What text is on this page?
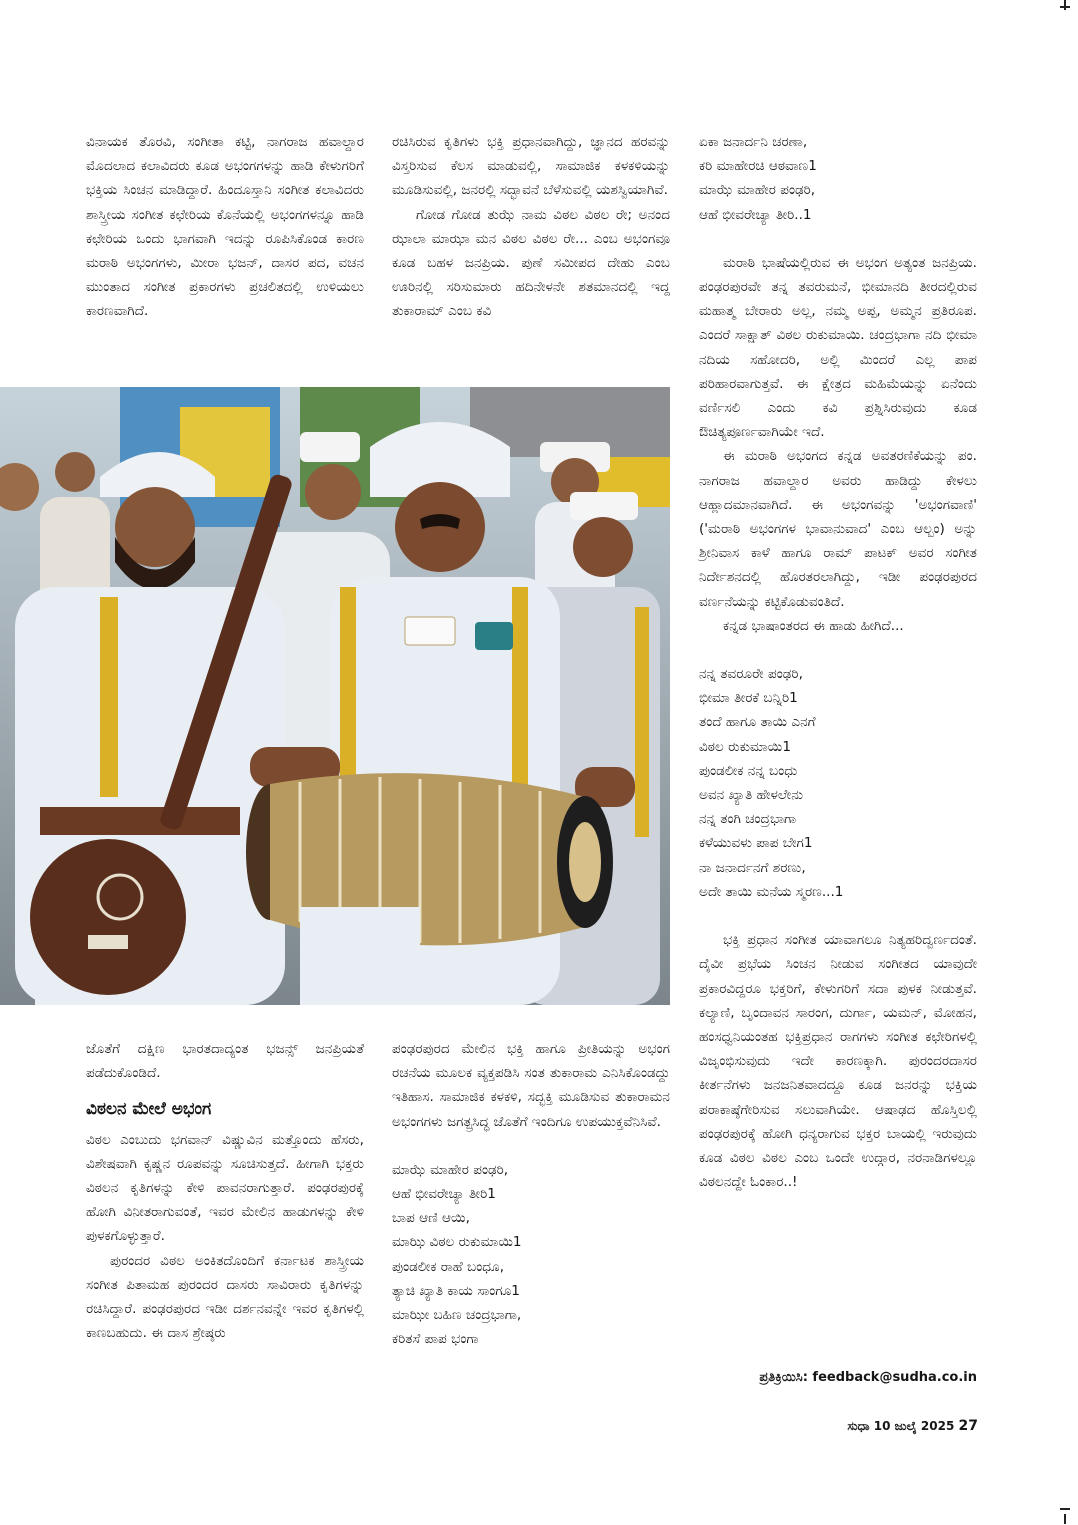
ವಿನಾಯಕ ತೊರವಿ, ಸಂಗೀತಾ ಕಟ್ಟಿ, ನಾಗರಾಜ ಹವಾಲ್ದಾರ ಮೊದಲಾದ ಕಲಾವಿದರು ಕೂಡ ಅಭಂಗಗಳನ್ನು ಹಾಡಿ ಕೇಳುಗರಿಗೆ ಭಕ್ತಿಯ ಸಿಂಚನ ಮಾಡಿದ್ದಾರೆ. ಹಿಂದೂಸ್ತಾನಿ ಸಂಗೀತ ಕಲಾವಿದರು ಶಾಸ್ತ್ರೀಯ ಸಂಗೀತ ಕಛೇರಿಯ ಕೊನೆಯಲ್ಲಿ ಅಭಂಗಗಳನ್ನೂ ಹಾಡಿ ಕಛೇರಿಯ ಒಂದು ಭಾಗವಾಗಿ ಇದನ್ನು ರೂಪಿಸಿಕೊಂಡ ಕಾರಣ ಮರಾಠಿ ಅಭಂಗಗಳು, ಮೀರಾ ಭಜನ್, ದಾಸರ ಪದ, ವಚನ ಮುಂತಾದ ಸಂಗೀತ ಪ್ರಕಾರಗಳು ಪ್ರಚಲಿತದಲ್ಲಿ ಉಳಿಯಲು ಕಾರಣವಾಗಿದೆ.

ರಚಿಸಿರುವ ಕೃತಿಗಳು ಭಕ್ತಿ ಪ್ರಧಾನವಾಗಿದ್ದು, ಜ್ಞಾನದ ಹರವನ್ನು ವಿಸ್ತರಿಸುವ ಕೆಲಸ ಮಾಡುವಲ್ಲಿ, ಸಾಮಾಜಿಕ ಕಳಕಳಿಯನ್ನು ಮೂಡಿಸುವಲ್ಲಿ, ಜನರಲ್ಲಿ ಸದ್ಭಾವನೆ ಬೆಳೆಸುವಲ್ಲಿ ಯಶಸ್ವಿಯಾಗಿವೆ.

ಗೋಡ ಗೋಡ ತುಝೆ ನಾಮ ವಿಠಲ ವಿಠಲ ರೇ; ಅನಂದ ಝಾಲಾ ಮಾಝಾ ಮನ ವಿಠಲ ವಿಠಲ ರೇ... ಎಂಬ ಅಭಂಗವೂ ಕೂಡ ಬಹಳ ಜನಪ್ರಿಯ. ಪುಣೆ ಸಮೀಪದ ದೇಹು ಎಂಬ ಊರಿನಲ್ಲಿ ಸರಿಸುಮಾರು ಹದಿನೇಳನೇ ಶತಮಾನದಲ್ಲಿ ಇದ್ದ ತುಕಾರಾಮ್ ಎಂಬ ಕವಿ

ಏಕಾ ಜನಾರ್ದನಿ ಚರಣಾ,
ಕರಿ ಮಾಹೇರಚಿ ಆಠವಾಣ1
ಮಾಝೆ ಮಾಹೇರ ಪಂಢರಿ,
ಆಹೆ ಭೀವರೇಚ್ಯಾ ತೀರಿ..1

ಮರಾಠಿ ಭಾಷೆಯಲ್ಲಿರುವ ಈ ಅಭಂಗ ಅತ್ಯಂತ ಜನಪ್ರಿಯ. ಪಂಢರಪುರವೇ ತನ್ನ ತವರುಮನೆ, ಭೀಮಾನದಿ ತೀರದಲ್ಲಿರುವ ಮಹಾತ್ಮ ಬೇರಾರು ಅಲ್ಲ, ನಮ್ಮ ಅಪ್ಪ, ಅಮ್ಮನ ಪ್ರತಿರೂಪ. ಎಂದರೆ ಸಾಕ್ಷಾತ್ ವಿಠಲ ರುಕುಮಾಯಿ. ಚಂದ್ರಭಾಗಾ ನದಿ ಭೀಮಾ ನದಿಯ ಸಹೋದರಿ, ಅಲ್ಲಿ ಮಿಂದರೆ ಎಲ್ಲ ಪಾಪ ಪರಿಹಾರವಾಗುತ್ತವೆ. ಈ ಕ್ಷೇತ್ರದ ಮಹಿಮೆಯನ್ನು ಏನೆಂದು ವರ್ಣಿಸಲಿ ಎಂದು ಕವಿ ಪ್ರಶ್ನಿಸಿರುವುದು ಕೂಡ ಔಚಿತ್ಯಪೂರ್ಣವಾಗಿಯೇ ಇದೆ.

ಈ ಮರಾಠಿ ಅಭಂಗದ ಕನ್ನಡ ಅವತರಣಿಕೆಯನ್ನು ಪಂ. ನಾಗರಾಜ ಹವಾಲ್ದಾರ ಅವರು ಹಾಡಿದ್ದು ಕೇಳಲು ಆಹ್ಲಾದಮಾನವಾಗಿದೆ. ಈ ಅಭಂಗವನ್ನು 'ಅಭಂಗವಾಣಿ' ('ಮರಾಠಿ ಅಭಂಗಗಳ ಭಾವಾನುವಾದ' ಎಂಬ ಆಲ್ಬಂ) ಅನ್ನು ಶ್ರೀನಿವಾಸ ಕಾಳೆ ಹಾಗೂ ರಾಮ್ ಪಾಟಕ್ ಅವರ ಸಂಗೀತ ನಿರ್ದೇಶನದಲ್ಲಿ ಹೊರತರಲಾಗಿದ್ದು, ಇಡೀ ಪಂಢರಪುರದ ವರ್ಣನೆಯನ್ನು ಕಟ್ಟಿಕೊಡುವಂತಿದೆ.

ಕನ್ನಡ ಭಾಷಾಂತರದ ಈ ಹಾಡು ಹೀಗಿದೆ...

ನನ್ನ ತವರೂರೇ ಪಂಢರಿ,
ಭೀಮಾ ತೀರಕೆ ಬನ್ನಿರಿ1
ತಂದೆ ಹಾಗೂ ತಾಯಿ ಎನಗೆ
ವಿಠಲ ರುಕುಮಾಯಿ1
ಪುಂಡಲೀಕ ನನ್ನ ಬಂಧು
ಅವನ ಖ್ಯಾತಿ ಹೇಳಲೇನು
ನನ್ನ ತಂಗಿ ಚಂದ್ರಭಾಗಾ
ಕಳೆಯುವಳು ಪಾಪ ಬೇಗ1
ನಾ ಜನಾರ್ದನಗೆ ಶರಣು,
ಅದೇ ತಾಯಿ ಮನೆಯ ಸ್ಮರಣ...1

ಭಕ್ತಿ ಪ್ರಧಾನ ಸಂಗೀತ ಯಾವಾಗಲೂ ನಿತ್ಯಹರಿದ್ವರ್ಣದಂತೆ. ದೈವೀ ಪ್ರಭೆಯ ಸಿಂಚನ ನೀಡುವ ಸಂಗೀತದ ಯಾವುದೇ ಪ್ರಕಾರವಿದ್ದರೂ ಭಕ್ತರಿಗೆ, ಕೇಳುಗರಿಗೆ ಸದಾ ಪುಳಕ ನೀಡುತ್ತವೆ. ಕಲ್ಯಾಣಿ, ಬೃಂದಾವನ ಸಾರಂಗ, ದುರ್ಗಾ, ಯಮನ್, ಮೋಹನ, ಹಂಸಧ್ವನಿಯಂತಹ ಭಕ್ತಿಪ್ರಧಾನ ರಾಗಗಳು ಸಂಗೀತ ಕಛೇರಿಗಳಲ್ಲಿ ವಿಜೃಂಭಿಸುವುದು ಇದೇ ಕಾರಣಕ್ಕಾಗಿ. ಪುರಂದರದಾಸರ ಕೀರ್ತನೆಗಳು ಜನಜನಿತವಾದದ್ದೂ ಕೂಡ ಜನರನ್ನು ಭಕ್ತಿಯ ಪರಾಕಾಷ್ಠೆಗೇರಿಸುವ ಸಲುವಾಗಿಯೇ. ಆಷಾಢದ ಹೊಸ್ತಿಲಲ್ಲಿ ಪಂಢರಪುರಕ್ಕೆ ಹೋಗಿ ಧನ್ಯರಾಗುವ ಭಕ್ತರ ಬಾಯಲ್ಲಿ ಇರುವುದು ಕೂಡ ವಿಠಲ ವಿಠಲ ಎಂಬ ಒಂದೇ ಉದ್ಗಾರ, ನರನಾಡಿಗಳಲ್ಲೂ ವಿಠಲನದ್ದೇ ಓಂಕಾರ..!

ಜೊತೆಗೆ ದಕ್ಷಿಣ ಭಾರತದಾದ್ಯಂತ ಭಜನ್ಸ್ ಜನಪ್ರಿಯತೆ ಪಡೆದುಕೊಂಡಿದೆ.

ವಿಠಲನ ಮೇಲೆ ಅಭಂಗ

ವಿಠಲ ಎಂಬುದು ಭಗವಾನ್ ವಿಷ್ಣುವಿನ ಮತ್ತೊಂದು ಹೆಸರು, ವಿಶೇಷವಾಗಿ ಕೃಷ್ಣನ ರೂಪವನ್ನು ಸೂಚಿಸುತ್ತದೆ. ಹೀಗಾಗಿ ಭಕ್ತರು ವಿಠಲನ ಕೃತಿಗಳನ್ನು ಕೇಳಿ ಪಾವನರಾಗುತ್ತಾರೆ. ಪಂಢರಪುರಕ್ಕೆ ಹೋಗಿ ವಿನೀತರಾಗುವಂತೆ, ಇವರ ಮೇಲಿನ ಹಾಡುಗಳನ್ನು ಕೇಳಿ ಪುಳಕಗೊಳ್ಳುತ್ತಾರೆ.

ಪುರಂದರ ವಿಠಲ ಅಂಕಿತದೊಂದಿಗೆ ಕರ್ನಾಟಕ ಶಾಸ್ತ್ರೀಯ ಸಂಗೀತ ಪಿತಾಮಹ ಪುರಂದರ ದಾಸರು ಸಾವಿರಾರು ಕೃತಿಗಳನ್ನು ರಚಿಸಿದ್ದಾರೆ. ಪಂಢರಪುರದ ಇಡೀ ದರ್ಶನವನ್ನೇ ಇವರ ಕೃತಿಗಳಲ್ಲಿ ಕಾಣಬಹುದು. ಈ ದಾಸ ಶ್ರೇಷ್ಠರು

ಪಂಢರಪುರದ ಮೇಲಿನ ಭಕ್ತಿ ಹಾಗೂ ಪ್ರೀತಿಯನ್ನು ಅಭಂಗ ರಚನೆಯ ಮೂಲಕ ವ್ಯಕ್ತಪಡಿಸಿ ಸಂತ ತುಕಾರಾಮ ಎನಿಸಿಕೊಂಡದ್ದು ಇತಿಹಾಸ. ಸಾಮಾಜಿಕ ಕಳಕಳಿ, ಸದ್ಭಕ್ತಿ ಮೂಡಿಸುವ ತುಕಾರಾಮನ ಅಭಂಗಗಳು ಜಗತ್ಪ್ರಸಿದ್ಧ ಜೊತೆಗೆ ಇಂದಿಗೂ ಉಪಯುಕ್ತವೆನಿಸಿವೆ.

ಮಾಝೆ ಮಾಹೇರ ಪಂಢರಿ,
ಆಹೆ ಭೀವರೇಚ್ಯಾ ತೀರಿ1
ಬಾಪ ಆಣಿ ಆಯಿ,
ಮಾಝಿ ವಿಠಲ ರುಕುಮಾಯಿ1
ಪುಂಡಲೀಕ ರಾಹೆ ಬಂಧೂ,
ತ್ಯಾಚಿ ಖ್ಯಾತಿ ಕಾಯ ಸಾಂಗೂ1
ಮಾಝೀ ಬಹಿಣ ಚಂದ್ರಭಾಗಾ,
ಕರಿತಸೆ ಪಾಪ ಭಂಗಾ
ಪ್ರತಿಕ್ರಿಯಿಸಿ: feedback@sudha.co.in
ಸುಧಾ 10 ಜುಲೈ 2025 27
